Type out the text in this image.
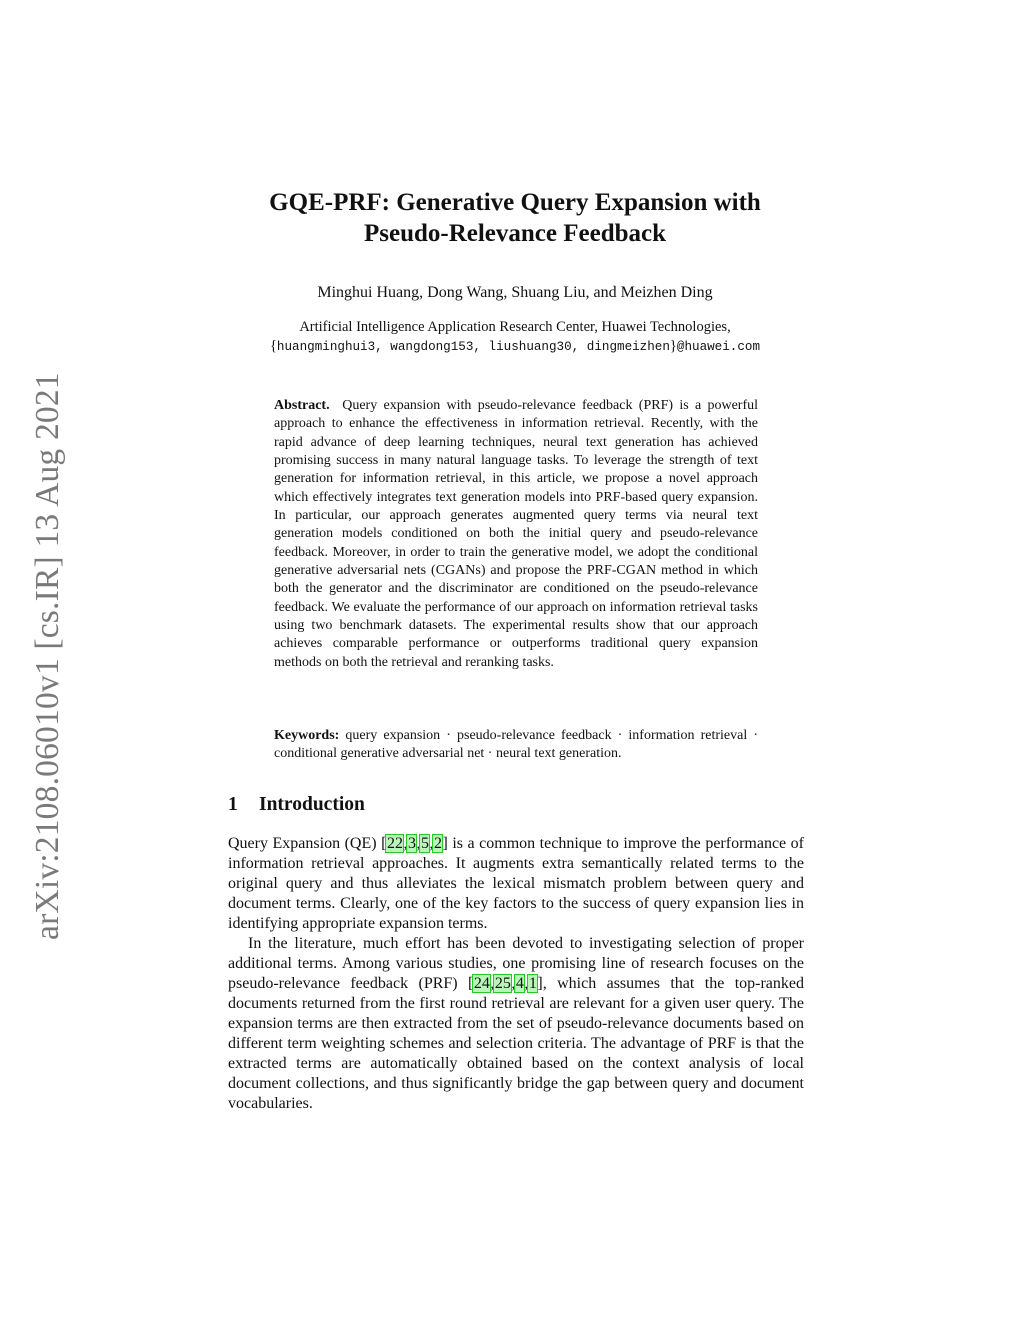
arXiv:2108.06010v1 [cs.IR] 13 Aug 2021
GQE-PRF: Generative Query Expansion with
Pseudo-Relevance Feedback

Minghui Huang, Dong Wang, Shuang Liu, and Meizhen Ding

Artificial Intelligence Application Research Center, Huawei Technologies,

{huangminghui3, wangdong153, liushuang30, dingmeizhen}@huawei.com

Abstract. Query expansion with pseudo-relevance feedback (PRF) is a powerful approach to enhance the effectiveness in information retrieval. Recently, with the rapid advance of deep learning techniques, neural text generation has achieved promising success in many natural language tasks. To leverage the strength of text generation for information retrieval, in this article, we propose a novel approach which effectively integrates text generation models into PRF-based query expansion. In particular, our approach generates augmented query terms via neural text generation models conditioned on both the initial query and pseudo-relevance feedback. Moreover, in order to train the generative model, we adopt the conditional generative adversarial nets (CGANs) and propose the PRF-CGAN method in which both the generator and the discriminator are conditioned on the pseudo-relevance feedback. We evaluate the performance of our approach on information retrieval tasks using two benchmark datasets. The experimental results show that our approach achieves comparable performance or outperforms traditional query expansion methods on both the retrieval and reranking tasks.

Keywords: query expansion · pseudo-relevance feedback · information retrieval · conditional generative adversarial net · neural text generation.

1 Introduction

Query Expansion (QE) [22,3,5,2] is a common technique to improve the performance of information retrieval approaches. It augments extra semantically related terms to the original query and thus alleviates the lexical mismatch problem between query and document terms. Clearly, one of the key factors to the success of query expansion lies in identifying appropriate expansion terms.

In the literature, much effort has been devoted to investigating selection of proper additional terms. Among various studies, one promising line of research focuses on the pseudo-relevance feedback (PRF) [24,25,4,1], which assumes that the top-ranked documents returned from the first round retrieval are relevant for a given user query. The expansion terms are then extracted from the set of pseudo-relevance documents based on different term weighting schemes and selection criteria. The advantage of PRF is that the extracted terms are automatically obtained based on the context analysis of local document collections, and thus significantly bridge the gap between query and document vocabularies.
